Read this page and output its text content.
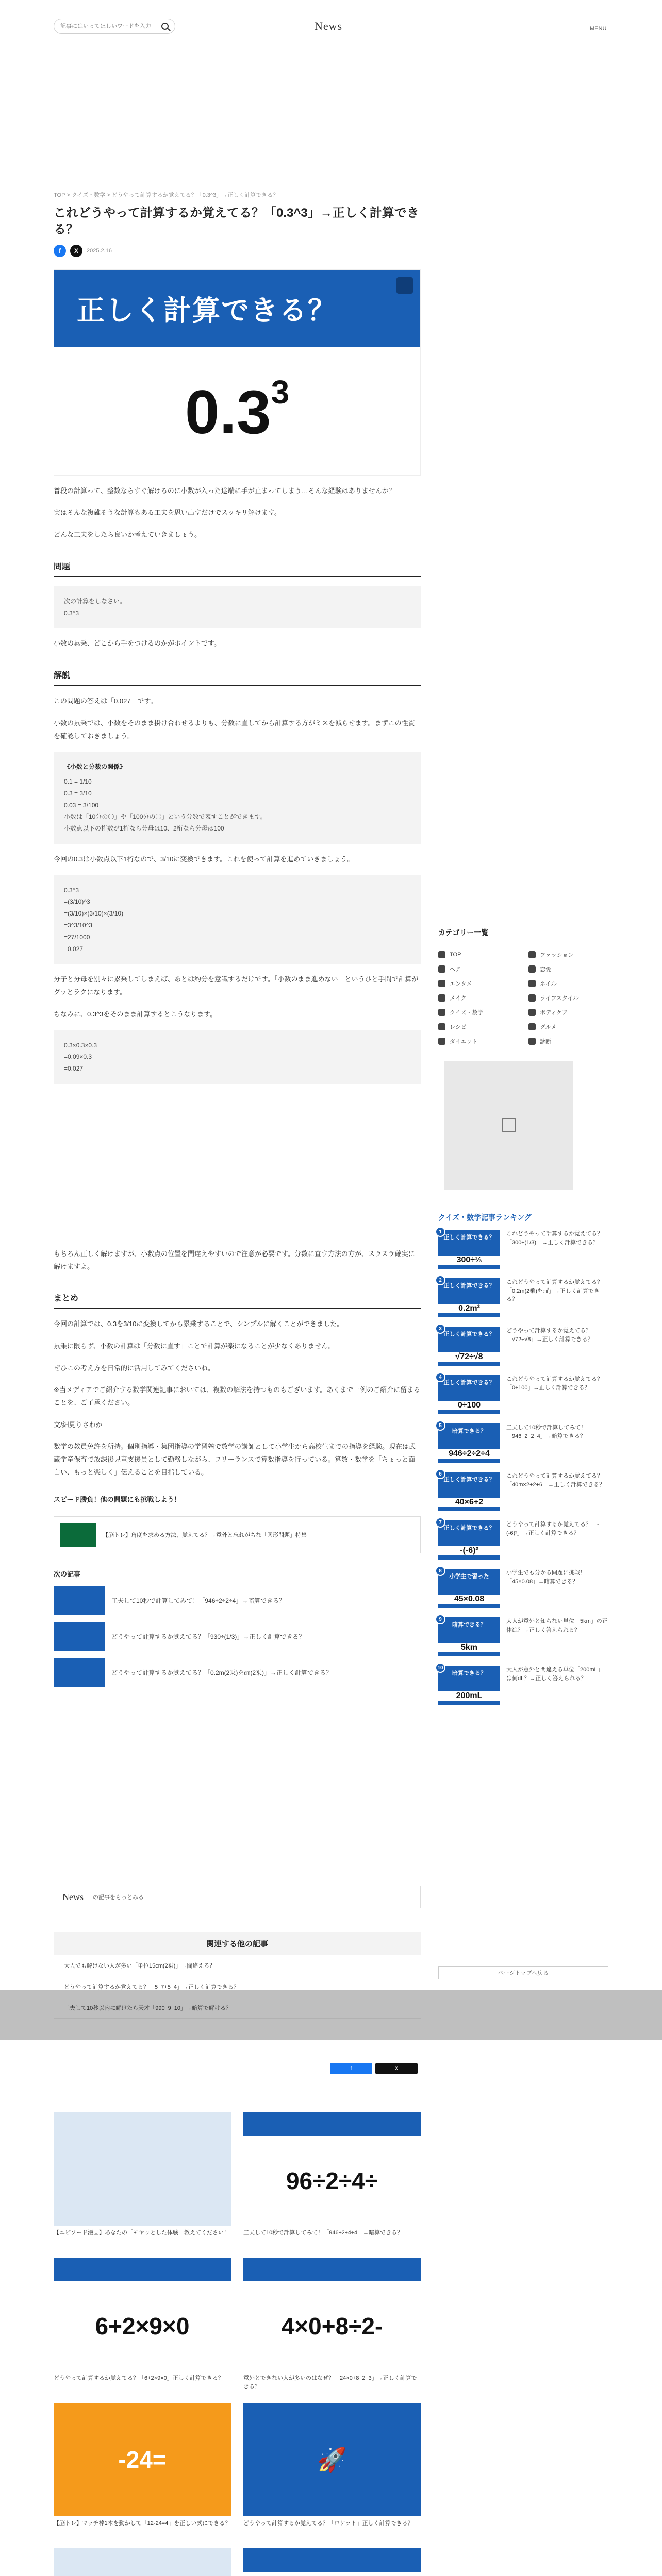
記事にはいってほしいワードを入力
News	MENU
TOP > クイズ・数学 > どうやって計算するか覚えてる？「0.3^3」→正しく計算できる？
これどうやって計算するか覚えてる？「0.3^3」→正しく計算できる？
f	X	2025.2.16
正しく計算できる？
$0.3^3$

普段の計算って、整数ならすぐ解けるのに小数が入った途端に手が止まってしまう…そんな経験はありませんか？

実はそんな複雑そうな計算もある工夫を思い出すだけでスッキリ解けます。

どんな工夫をしたら良いか考えていきましょう。

問題
次の計算をしなさい。
0.3^3

小数の累乗、どこから手をつけるのかがポイントです。

解説

この問題の答えは「0.027」です。

小数の累乗では、小数をそのまま掛け合わせるよりも、分数に直してから計算する方がミスを減らせます。まずこの性質を確認しておきましょう。

《小数と分数の関係》
0.1 = 1/10
0.3 = 3/10
0.03 = 3/100
小数は「10分の〇」や「100分の〇」という分数で表すことができます。
小数点以下の桁数が1桁なら分母は10、2桁なら分母は100

今回の0.3は小数点以下1桁なので、3/10に変換できます。これを使って計算を進めていきましょう。

0.3^3
=(3/10)^3
=(3/10)×(3/10)×(3/10)
=3^3/10^3
=27/1000
=0.027

分子と分母を別々に累乗してしまえば、あとは約分を意識するだけです。「小数のまま進めない」というひと手間で計算がグッとラクになります。

ちなみに、0.3^3をそのまま計算するとこうなります。

0.3×0.3×0.3
=0.09×0.3
=0.027

もちろん正しく解けますが、小数点の位置を間違えやすいので注意が必要です。分数に直す方法の方が、スラスラ確実に解けますよ。

まとめ

今回の計算では、0.3を3/10に変換してから累乗することで、シンプルに解くことができました。

累乗に限らず、小数の計算は「分数に直す」ことで計算が楽になることが少なくありません。

ぜひこの考え方を日常的に活用してみてくださいね。

※当メディアでご紹介する数学関連記事においては、複数の解法を持つものもございます。あくまで一例のご紹介に留まることを、ご了承ください。

文/細見りさわか

数学の教員免許を所持。個別指導・集団指導の学習塾で数学の講師として小学生から高校生までの指導を経験。現在は武蔵学童保育で放課後児童支援員として勤務しながら、フリーランスで算数指導を行っている。算数・数学を「ちょっと面白い、もっと楽しく」伝えることを目指している。

スピード勝負！他の問題にも挑戦しよう！
【脳トレ】角度を求める方法、覚えてる？→意外と忘れがちな「図形問題」特集
次の記事
工夫して10秒で計算してみて！「946÷2÷2÷4」→暗算できる？
どうやって計算するか覚えてる？「930÷(1/3)」→正しく計算できる？
どうやって計算するか覚えてる？「0.2m(2乗)を㎝(2乗)」→正しく計算できる？
カテゴリー一覧
TOP	ファッション
ヘア	恋愛
エンタメ	ネイル
メイク	ライフスタイル
クイズ・数学	ボディケア
レシピ	グルメ
ダイエット	診断
クイズ・数学記事ランキング
1
正しく計算できる？
300÷⅓
これどうやって計算するか覚えてる？「300÷(1/3)」→正しく計算できる？
2
正しく計算できる？
0.2m²
これどうやって計算するか覚えてる？「0.2m(2乗)を㎠」→正しく計算できる？
3
正しく計算できる？
√72÷√8
どうやって計算するか覚えてる？「√72÷√8」→正しく計算できる？
4
正しく計算できる？
0÷100
これどうやって計算するか覚えてる？「0÷100」→正しく計算できる？
5
暗算できる？
946÷2÷2÷4
工夫して10秒で計算してみて！「946÷2÷2÷4」→暗算できる？
6
正しく計算できる？
40×6+2
これどうやって計算するか覚えてる？「40m×2+2+6」→正しく計算できる？
7
正しく計算できる？
-(-6)²
どうやって計算するか覚えてる？「-(-6)²」→正しく計算できる？
8
小学生で習った
45×0.08
小学生でも分かる問題に挑戦！「45×0.08」→暗算できる？
9
暗算できる？
5km
大人が意外と知らない単位「5km」の正体は？→正しく答えられる？
10
暗算できる？
200mL
大人が意外と間違える単位「200mL」は何dL？→正しく答えられる？
News の記事をもっとみる
関連する他の記事
大人でも解けない人が多い「単位15cm(2乗)」→間違える？
どうやって計算するか覚えてる？「5÷7+5÷4」→正しく計算できる？
工夫して10秒以内に解けたら天才「990÷9÷10」→暗算で解ける？
ページトップへ戻る
f	X
【エピソード漫画】あなたの「モヤッとした体験」教えてください！
96÷2÷4÷
工夫して10秒で計算してみて！「946÷2÷4÷4」→暗算できる？
6+2×9×0
どうやって計算するか覚えてる？「6+2×9×0」正しく計算できる？
4×0+8÷2-
意外とできない人が多いのはなぜ？「24×0+8÷2÷3」→正しく計算できる？
-24=
【脳トレ】マッチ棒1本を動かして「12-24=4」を正しい式にできる？
🚀
どうやって計算するか覚えてる？「ロケット」正しく計算できる？
